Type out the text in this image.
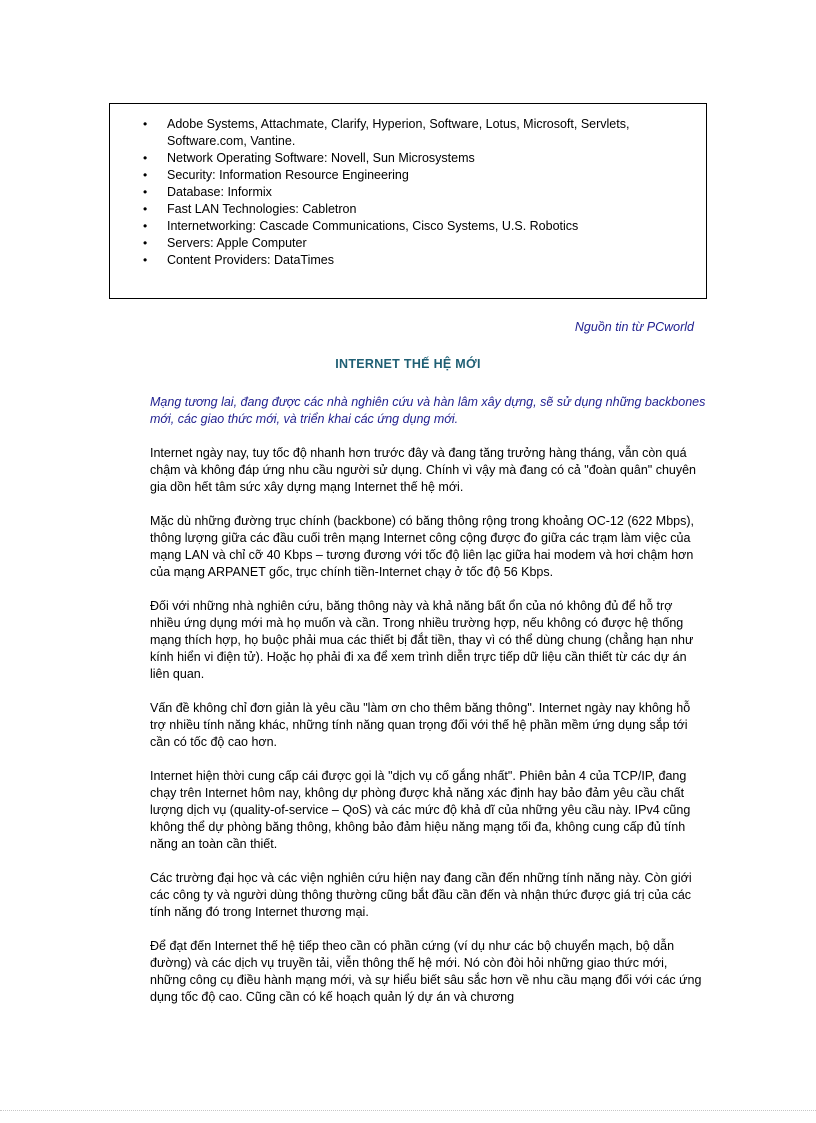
• Adobe Systems, Attachmate, Clarify, Hyperion, Software, Lotus, Microsoft, Servlets, Software.com, Vantine.
• Network Operating Software: Novell, Sun Microsystems
• Security: Information Resource Engineering
• Database: Informix
• Fast LAN Technologies: Cabletron
• Internetworking: Cascade Communications, Cisco Systems, U.S. Robotics
• Servers: Apple Computer
• Content Providers: DataTimes
Nguồn tin từ PCworld
INTERNET THẾ HỆ MỚI

Mạng tương lai, đang được các nhà nghiên cứu và hàn lâm xây dựng, sẽ sử dụng những backbones mới, các giao thức mới, và triển khai các ứng dụng mới.

Internet ngày nay, tuy tốc độ nhanh hơn trước đây và đang tăng trưởng hàng tháng, vẫn còn quá chậm và không đáp ứng nhu cầu người sử dụng. Chính vì vậy mà đang có cả "đoàn quân" chuyên gia dồn hết tâm sức xây dựng mạng Internet thế hệ mới.

Mặc dù những đường trục chính (backbone) có băng thông rộng trong khoảng OC-12 (622 Mbps), thông lượng giữa các đầu cuối trên mạng Internet công cộng được đo giữa các trạm làm việc của mạng LAN và chỉ cỡ 40 Kbps – tương đương với tốc độ liên lạc giữa hai modem và hơi chậm hơn của mạng ARPANET gốc, trục chính tiền-Internet chạy ở tốc độ 56 Kbps.

Đối với những nhà nghiên cứu, băng thông này và khả năng bất ổn của nó không đủ để hỗ trợ nhiều ứng dụng mới mà họ muốn và cần. Trong nhiều trường hợp, nếu không có được hệ thống mạng thích hợp, họ buộc phải mua các thiết bị đắt tiền, thay vì có thể dùng chung (chẳng hạn như kính hiển vi điện tử). Hoặc họ phải đi xa để xem trình diễn trực tiếp dữ liệu cần thiết từ các dự án liên quan.

Vấn đề không chỉ đơn giản là yêu cầu "làm ơn cho thêm băng thông". Internet ngày nay không hỗ trợ nhiều tính năng khác, những tính năng quan trọng đối với thế hệ phần mềm ứng dụng sắp tới cần có tốc độ cao hơn.

Internet hiện thời cung cấp cái được gọi là "dịch vụ cố gắng nhất". Phiên bản 4 của TCP/IP, đang chạy trên Internet hôm nay, không dự phòng được khả năng xác định hay bảo đảm yêu cầu chất lượng dịch vụ (quality-of-service – QoS) và các mức độ khả dĩ của những yêu cầu này. IPv4 cũng không thể dự phòng băng thông, không bảo đảm hiệu năng mạng tối đa, không cung cấp đủ tính năng an toàn cần thiết.

Các trường đại học và các viện nghiên cứu hiện nay đang cần đến những tính năng này. Còn giới các công ty và người dùng thông thường cũng bắt đầu cần đến và nhận thức được giá trị của các tính năng đó trong Internet thương mại.

Để đạt đến Internet thế hệ tiếp theo cần có phần cứng (ví dụ như các bộ chuyển mạch, bộ dẫn đường) và các dịch vụ truyền tải, viễn thông thế hệ mới. Nó còn đòi hỏi những giao thức mới, những công cụ điều hành mạng mới, và sự hiểu biết sâu sắc hơn về nhu cầu mạng đối với các ứng dụng tốc độ cao. Cũng cần có kế hoạch quản lý dự án và chương
